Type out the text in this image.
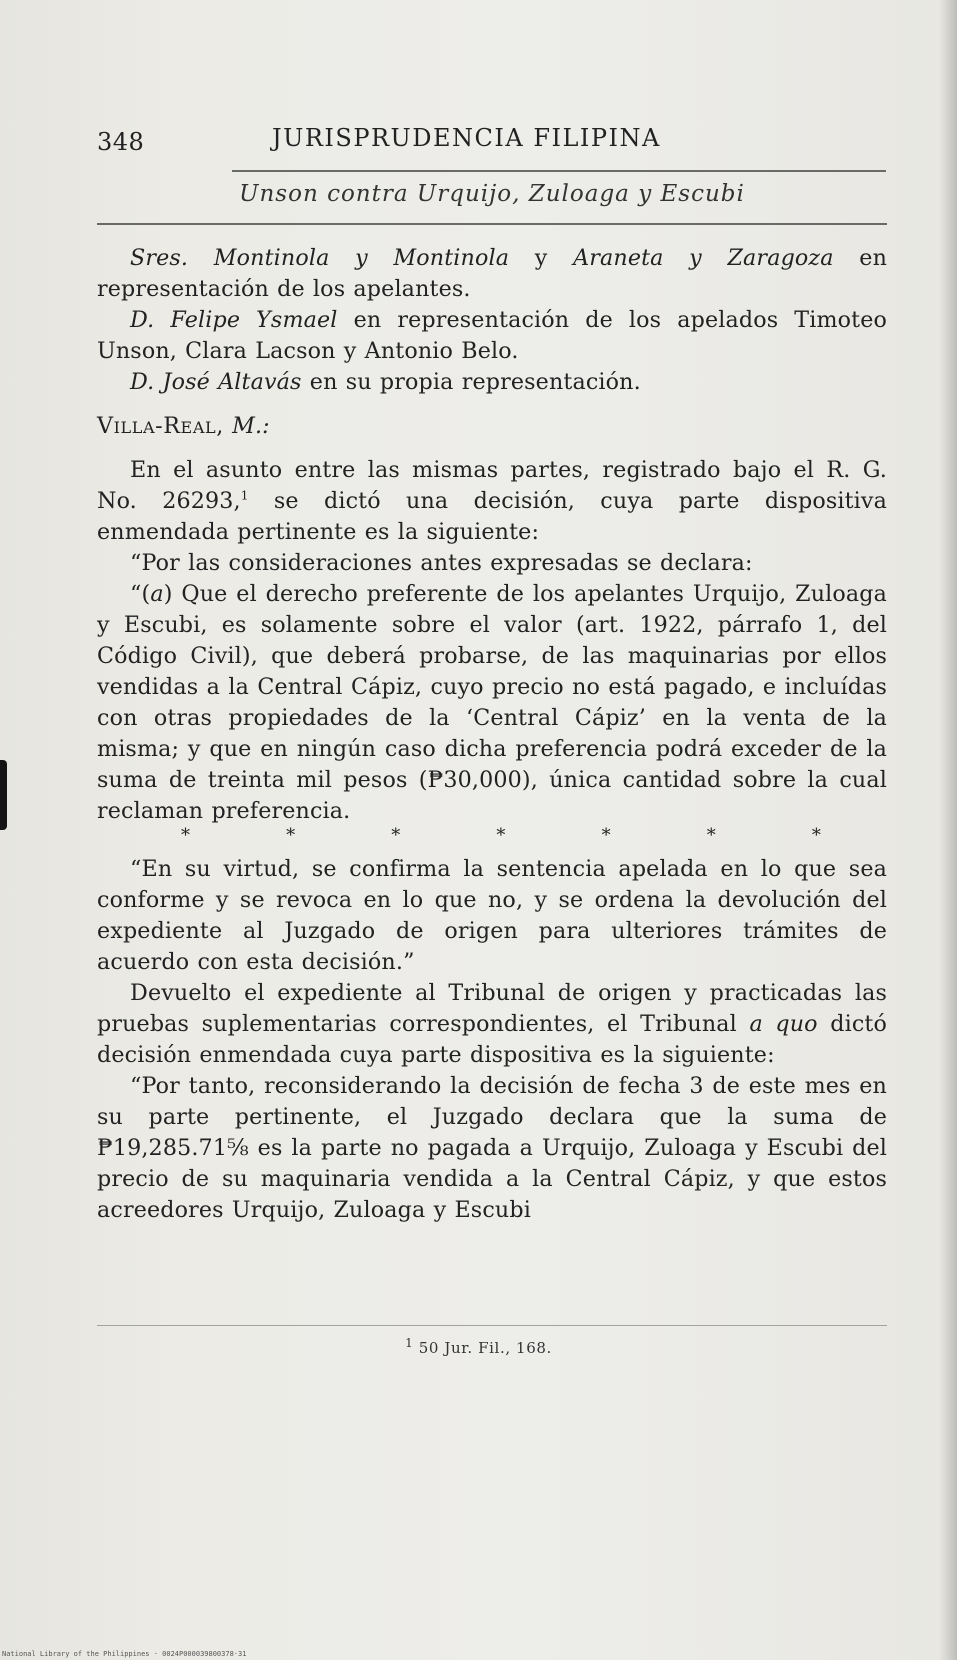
348	JURISPRUDENCIA FILIPINA
Unson contra Urquijo, Zuloaga y Escubi

Sres. Montinola y Montinola y Araneta y Zaragoza en representación de los apelantes.

D. Felipe Ysmael en representación de los apelados Timoteo Unson, Clara Lacson y Antonio Belo.

D. José Altavás en su propia representación.

Villa-Real, M.:

En el asunto entre las mismas partes, registrado bajo el R. G. No. 26293,$^1$ se dictó una decisión, cuya parte dispositiva enmendada pertinente es la siguiente:

“Por las consideraciones antes expresadas se declara:

“(a) Que el derecho preferente de los apelantes Urquijo, Zuloaga y Escubi, es solamente sobre el valor (art. 1922, párrafo 1, del Código Civil), que deberá probarse, de las maquinarias por ellos vendidas a la Central Cápiz, cuyo precio no está pagado, e incluídas con otras propiedades de la ‘Central Cápiz’ en la venta de la misma; y que en ningún caso dicha preferencia podrá exceder de la suma de treinta mil pesos (₱30,000), única cantidad sobre la cual reclaman preferencia.

*	*	*	*	*	*	*

“En su virtud, se confirma la sentencia apelada en lo que sea conforme y se revoca en lo que no, y se ordena la devolución del expediente al Juzgado de origen para ulteriores trámites de acuerdo con esta decisión.”

Devuelto el expediente al Tribunal de origen y practicadas las pruebas suplementarias correspondientes, el Tribunal a quo dictó decisión enmendada cuya parte dispositiva es la siguiente:

“Por tanto, reconsiderando la decisión de fecha 3 de este mes en su parte pertinente, el Juzgado declara que la suma de ₱19,285.71⅝ es la parte no pagada a Urquijo, Zuloaga y Escubi del precio de su maquinaria vendida a la Central Cápiz, y que estos acreedores Urquijo, Zuloaga y Escubi

$^1$ 50 Jur. Fil., 168.
National Library of the Philippines · 0024P000039800378·31
